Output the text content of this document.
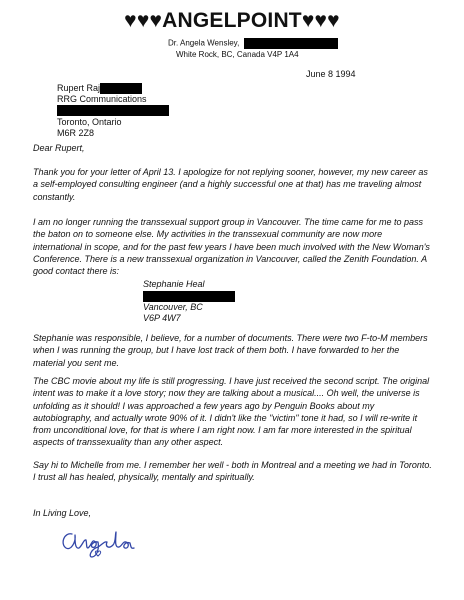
♥♥♥ANGELPOINT♥♥♥
Dr. Angela Wensley,
White Rock, BC, Canada V4P 1A4
June 8 1994
Rupert Raj
RRG Communications
Toronto, Ontario
M6R 2Z8
Dear Rupert,

Thank you for your letter of April 13. I apologize for not replying sooner, however, my new career as a self-employed consulting engineer (and a highly successful one at that) has me traveling almost constantly.

I am no longer running the transsexual support group in Vancouver. The time came for me to pass the baton on to someone else. My activities in the transsexual community are now more international in scope, and for the past few years I have been much involved with the New Woman's Conference. There is a new transsexual organization in Vancouver, called the Zenith Foundation. A good contact there is:

Stephanie Heal
Vancouver, BC
V6P 4W7

Stephanie was responsible, I believe, for a number of documents. There were two F-to-M members when I was running the group, but I have lost track of them both. I have forwarded to her the material you sent me.

The CBC movie about my life is still progressing. I have just received the second script. The original intent was to make it a love story; now they are talking about a musical.... Oh well, the universe is unfolding as it should! I was approached a few years ago by Penguin Books about my autobiography, and actually wrote 90% of it. I didn't like the "victim" tone it had, so I will re-write it from unconditional love, for that is where I am right now. I am far more interested in the spiritual aspects of transsexuality than any other aspect.

Say hi to Michelle from me. I remember her well - both in Montreal and a meeting we had in Toronto. I trust all has healed, physically, mentally and spiritually.

In Living Love,
